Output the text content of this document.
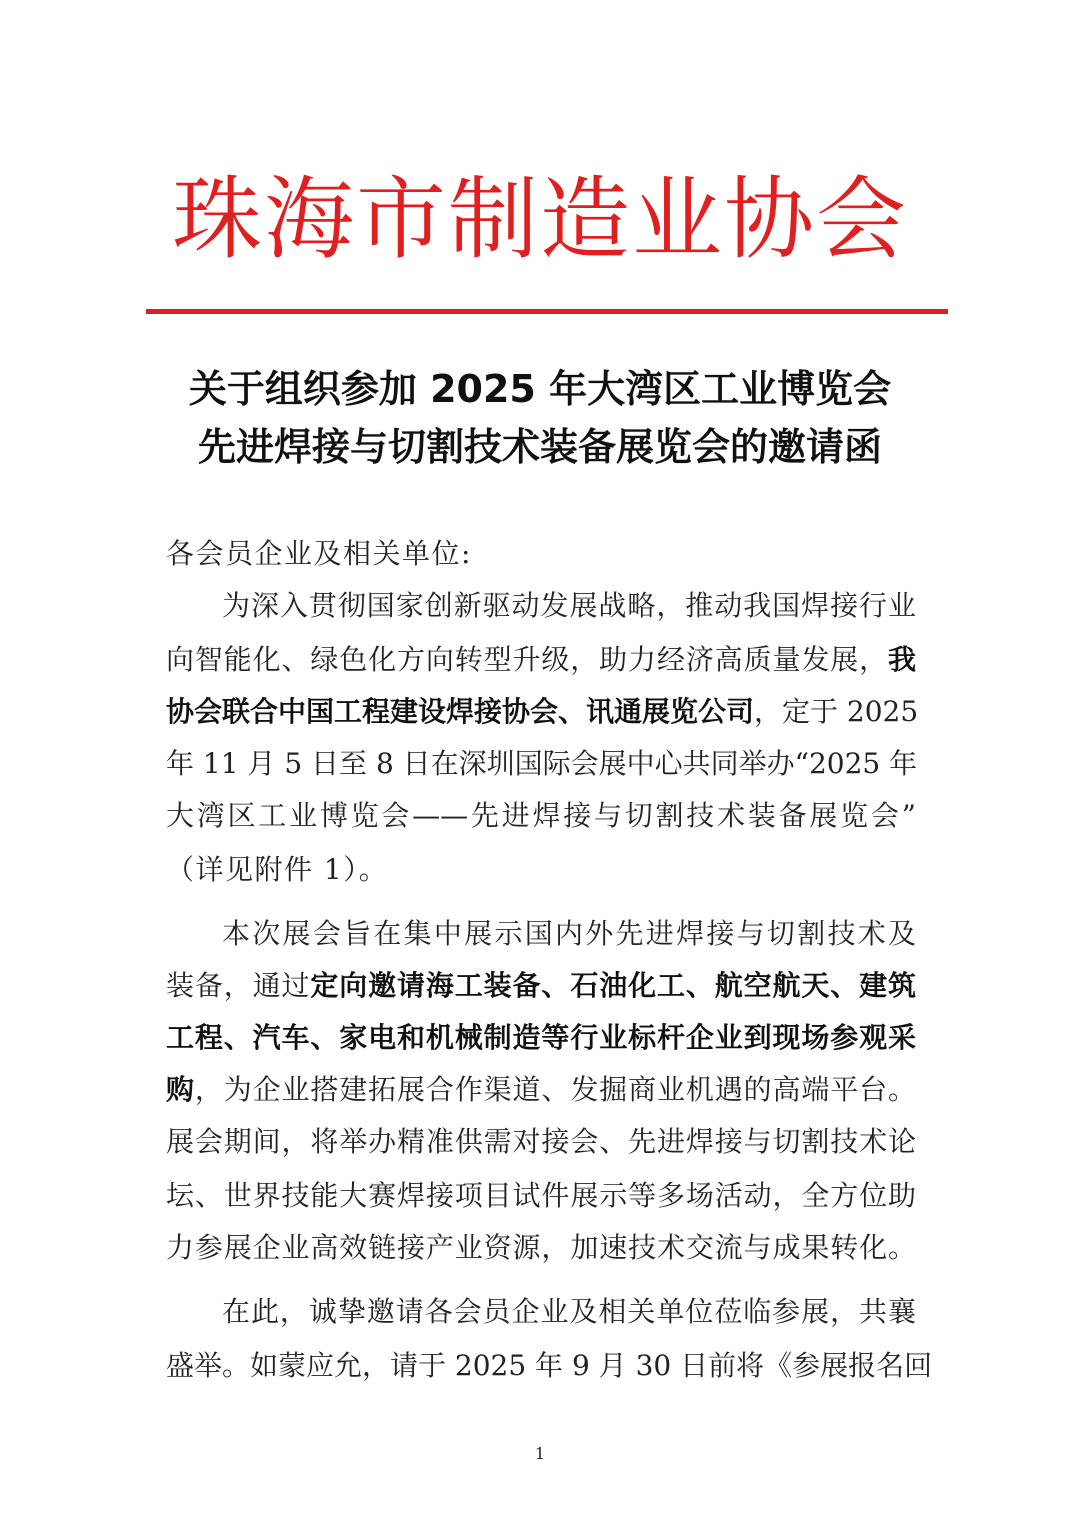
珠海市制造业协会
关于组织参加 2025 年大湾区工业博览会
先进焊接与切割技术装备展览会的邀请函
各会员企业及相关单位:
为深入贯彻国家创新驱动发展战略，推动我国焊接行业
向智能化、绿色化方向转型升级，助力经济高质量发展，我
协会联合中国工程建设焊接协会、讯通展览公司，定于 2025
年 11 月 5 日至 8 日在深圳国际会展中心共同举办“2025 年
大湾区工业博览会——先进焊接与切割技术装备展览会”
（详见附件 1）。
本次展会旨在集中展示国内外先进焊接与切割技术及
装备，通过定向邀请海工装备、石油化工、航空航天、建筑
工程、汽车、家电和机械制造等行业标杆企业到现场参观采
购，为企业搭建拓展合作渠道、发掘商业机遇的高端平台。
展会期间，将举办精准供需对接会、先进焊接与切割技术论
坛、世界技能大赛焊接项目试件展示等多场活动，全方位助
力参展企业高效链接产业资源，加速技术交流与成果转化。
在此，诚挚邀请各会员企业及相关单位莅临参展，共襄
盛举。如蒙应允，请于 2025 年 9 月 30 日前将《参展报名回
1
